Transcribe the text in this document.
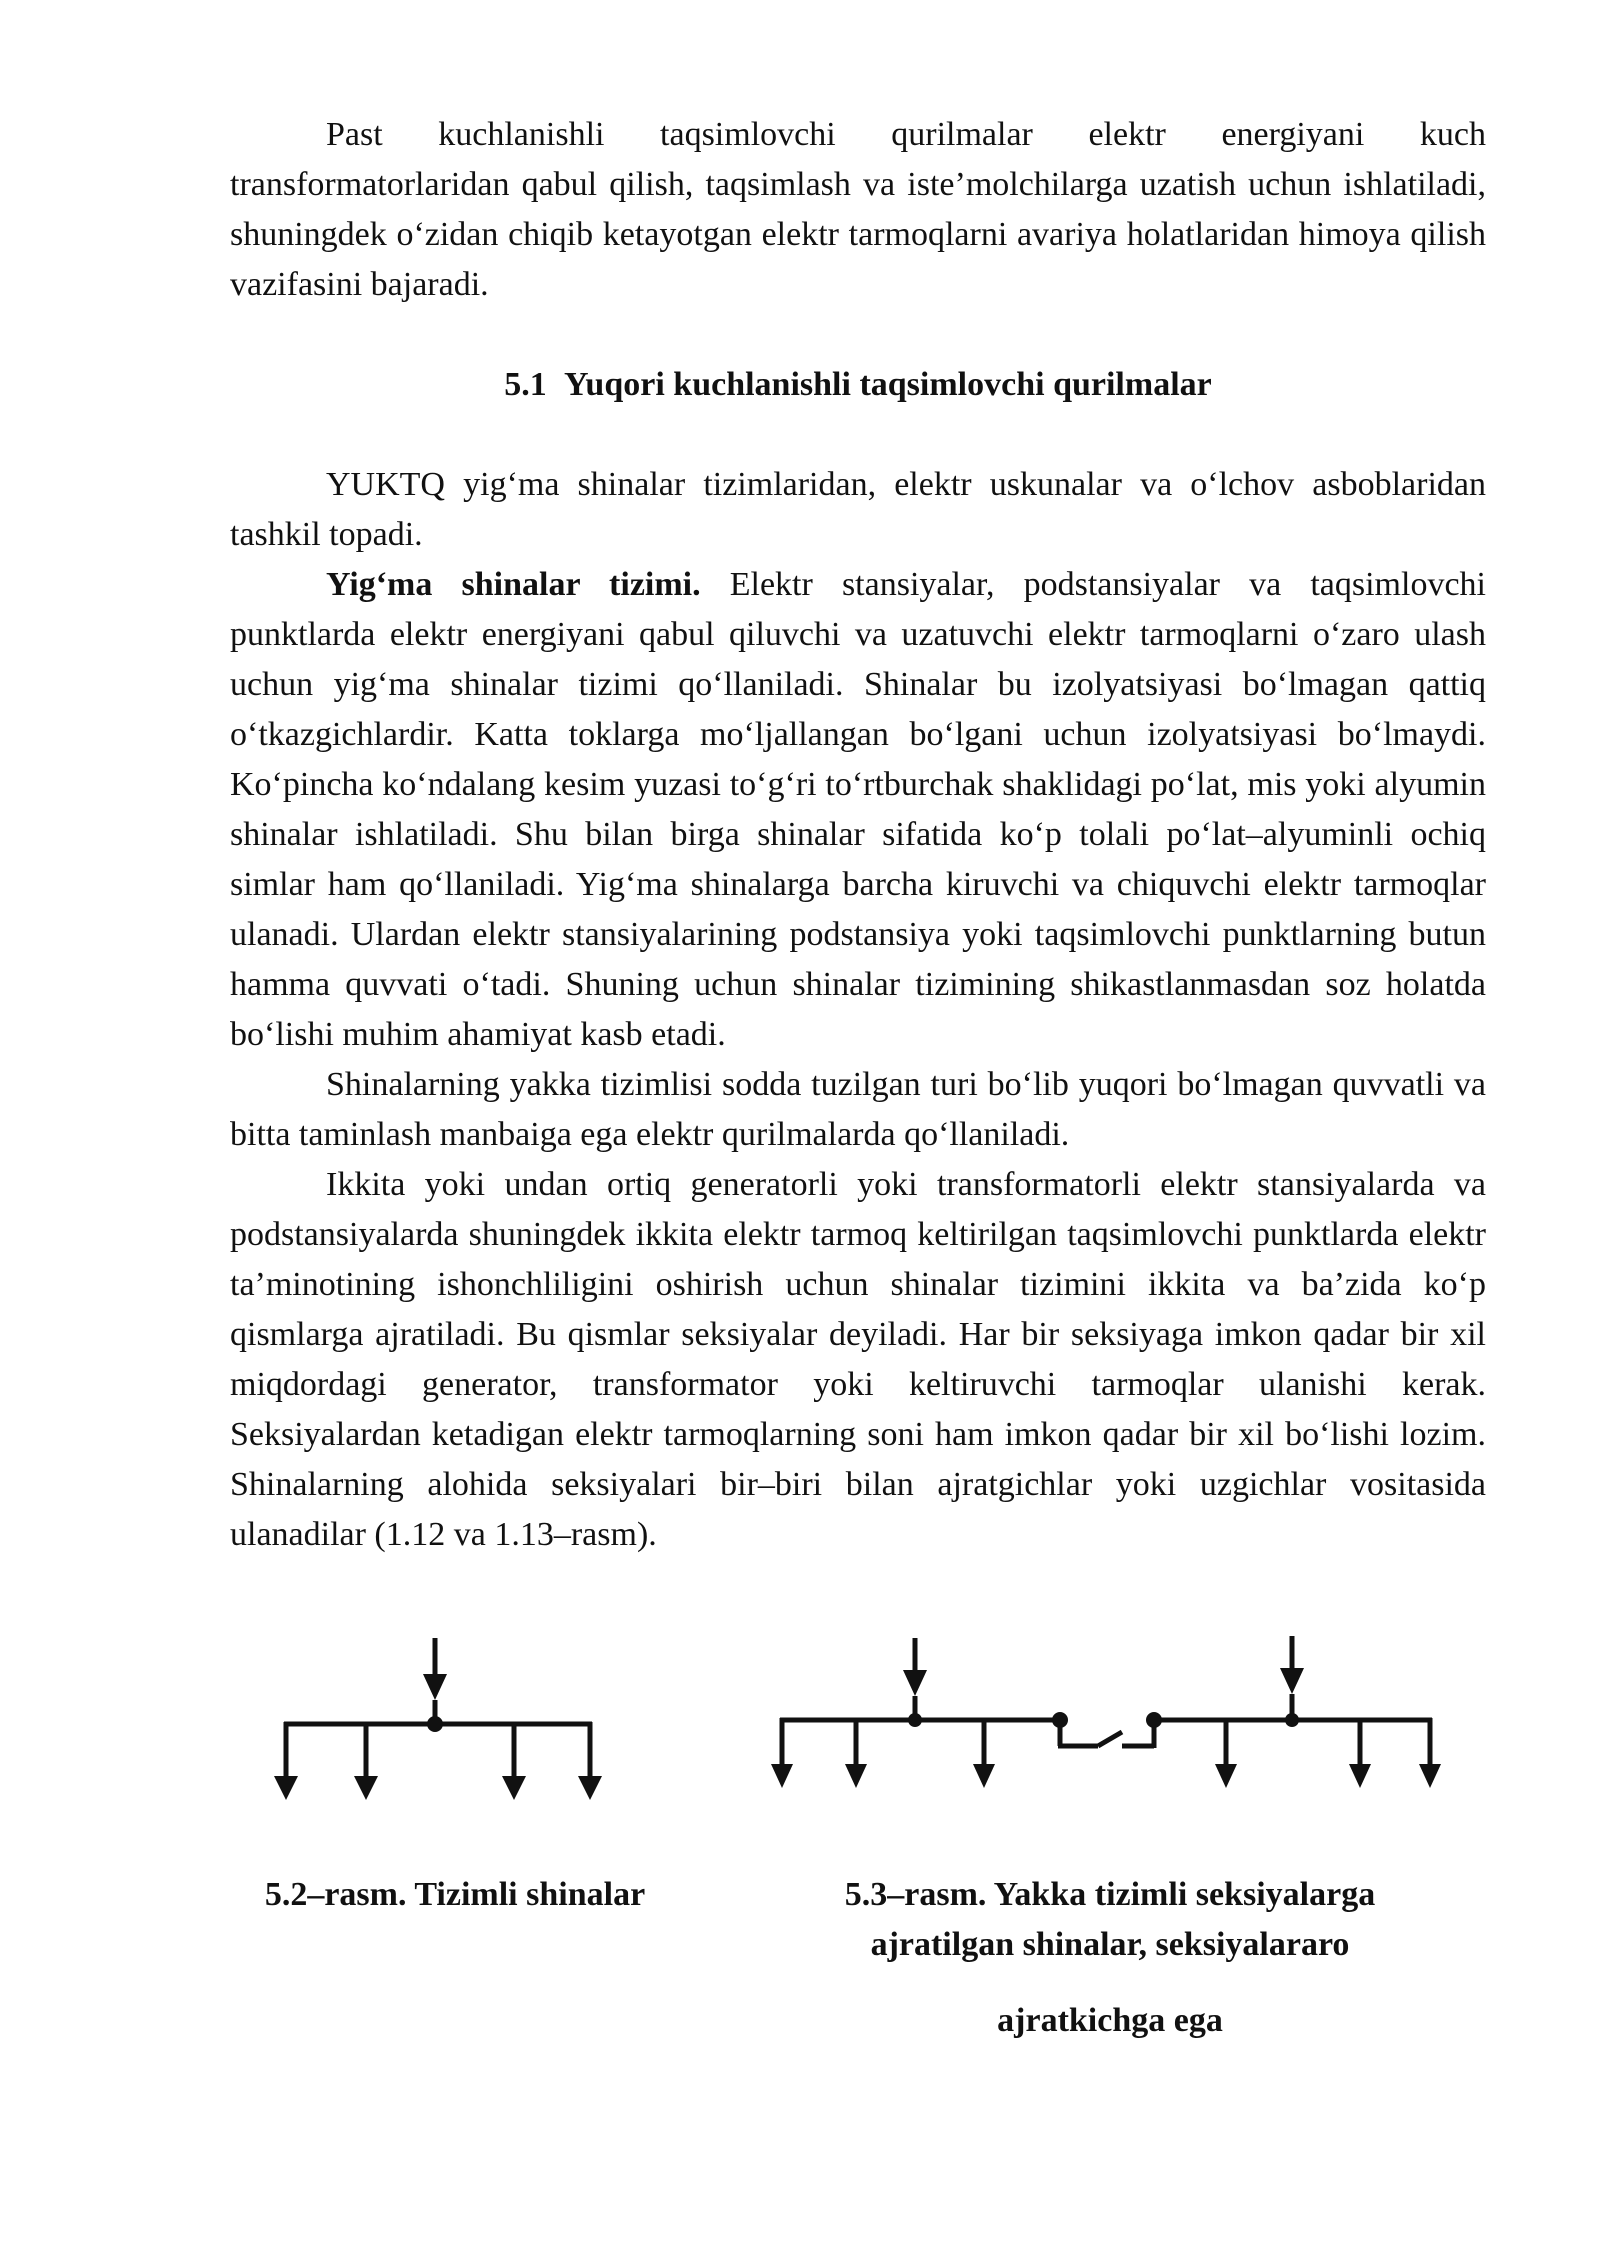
Past kuchlanishli taqsimlovchi qurilmalar elektr energiyani kuch transformatorlaridan qabul qilish, taqsimlash va iste’molchilarga uzatish uchun ishlatiladi, shuningdek o‘zidan chiqib ketayotgan elektr tarmoqlarni avariya holatlaridan himoya qilish vazifasini bajaradi.

5.1 Yuqori kuchlanishli taqsimlovchi qurilmalar

YUKTQ yig‘ma shinalar tizimlaridan, elektr uskunalar va o‘lchov asboblaridan tashkil topadi.

Yig‘ma shinalar tizimi. Elektr stansiyalar, podstansiyalar va taqsimlovchi punktlarda elektr energiyani qabul qiluvchi va uzatuvchi elektr tarmoqlarni o‘zaro ulash uchun yig‘ma shinalar tizimi qo‘llaniladi. Shinalar bu izolyatsiyasi bo‘lmagan qattiq o‘tkazgichlardir. Katta toklarga mo‘ljallangan bo‘lgani uchun izolyatsiyasi bo‘lmaydi. Ko‘pincha ko‘ndalang kesim yuzasi to‘g‘ri to‘rtburchak shaklidagi po‘lat, mis yoki alyumin shinalar ishlatiladi. Shu bilan birga shinalar sifatida ko‘p tolali po‘lat–alyuminli ochiq simlar ham qo‘llaniladi. Yig‘ma shinalarga barcha kiruvchi va chiquvchi elektr tarmoqlar ulanadi. Ulardan elektr stansiyalarining podstansiya yoki taqsimlovchi punktlarning butun hamma quvvati o‘tadi. Shuning uchun shinalar tizimining shikastlanmasdan soz holatda bo‘lishi muhim ahamiyat kasb etadi.

Shinalarning yakka tizimlisi sodda tuzilgan turi bo‘lib yuqori bo‘lmagan quvvatli va bitta taminlash manbaiga ega elektr qurilmalarda qo‘llaniladi.

Ikkita yoki undan ortiq generatorli yoki transformatorli elektr stansiyalarda va podstansiyalarda shuningdek ikkita elektr tarmoq keltirilgan taqsimlovchi punktlarda elektr ta’minotining ishonchliligini oshirish uchun shinalar tizimini ikkita va ba’zida ko‘p qismlarga ajratiladi. Bu qismlar seksiyalar deyiladi. Har bir seksiyaga imkon qadar bir xil miqdordagi generator, transformator yoki keltiruvchi tarmoqlar ulanishi kerak. Seksiyalardan ketadigan elektr tarmoqlarning soni ham imkon qadar bir xil bo‘lishi lozim. Shinalarning alohida seksiyalari bir–biri bilan ajratgichlar yoki uzgichlar vositasida ulanadilar (1.12 va 1.13–rasm).

5.2–rasm. Tizimli shinalar	5.3–rasm. Yakka tizimli seksiyalarga
ajratilgan shinalar, seksiyalararo
ajratkichga ega
